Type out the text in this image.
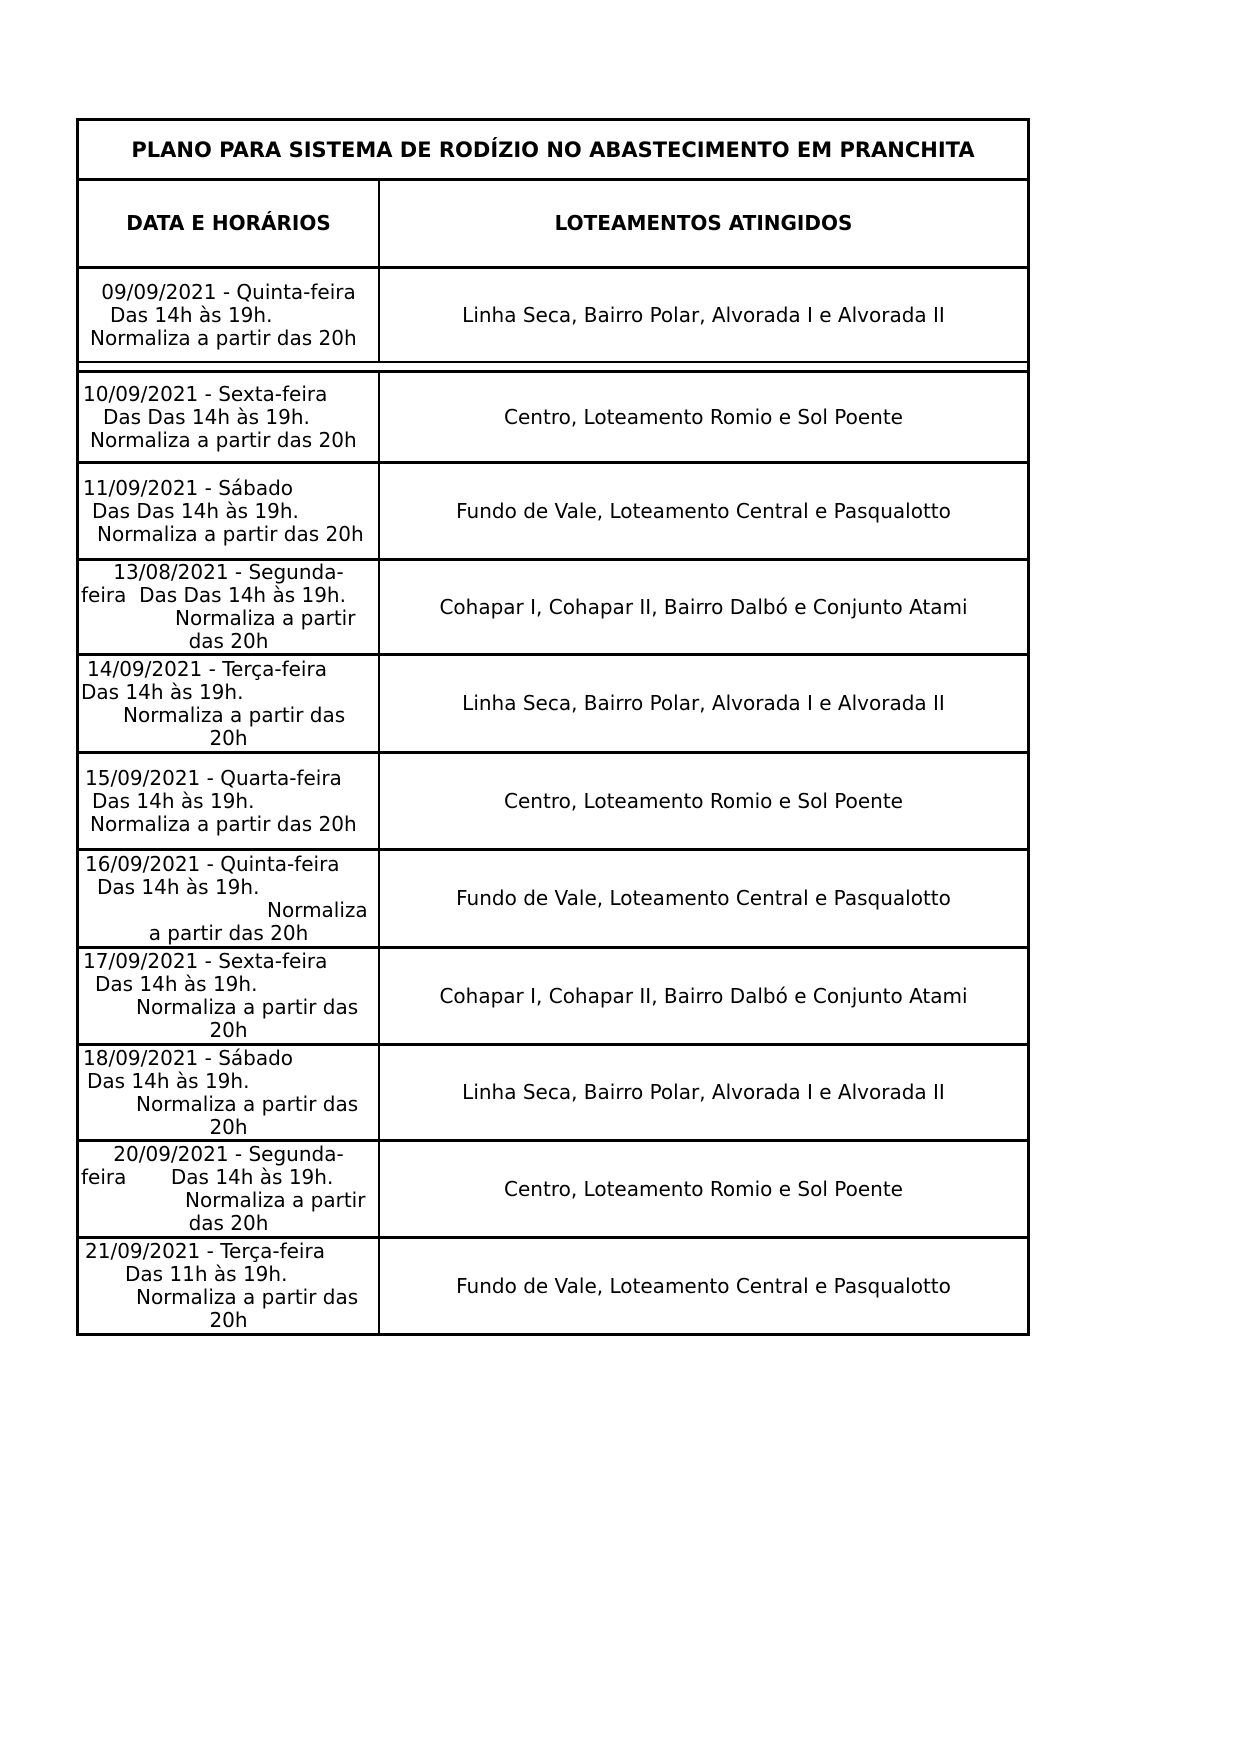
PLANO PARA SISTEMA DE RODÍZIO NO ABASTECIMENTO EM PRANCHITA
DATA E HORÁRIOS	LOTEAMENTOS ATINGIDOS
09/09/2021 - Quinta-feira
Das 14h às 19h.
Normaliza a partir das 20h
Linha Seca, Bairro Polar, Alvorada I e Alvorada II
10/09/2021 - Sexta-feira
Das Das 14h às 19h.
Normaliza a partir das 20h
Centro, Loteamento Romio e Sol Poente
11/09/2021 - Sábado
Das Das 14h às 19h.
Normaliza a partir das 20h
Fundo de Vale, Loteamento Central e Pasqualotto
13/08/2021 - Segunda-
feira  Das Das 14h às 19h.
Normaliza a partir
das 20h
Cohapar I, Cohapar II, Bairro Dalbó e Conjunto Atami
14/09/2021 - Terça-feira
Das 14h às 19h.
Normaliza a partir das
20h
Linha Seca, Bairro Polar, Alvorada I e Alvorada II
15/09/2021 - Quarta-feira
Das 14h às 19h.
Normaliza a partir das 20h
Centro, Loteamento Romio e Sol Poente
16/09/2021 - Quinta-feira
Das 14h às 19h.
Normaliza
a partir das 20h
Fundo de Vale, Loteamento Central e Pasqualotto
17/09/2021 - Sexta-feira
Das 14h às 19h.
Normaliza a partir das
20h
Cohapar I, Cohapar II, Bairro Dalbó e Conjunto Atami
18/09/2021 - Sábado
Das 14h às 19h.
Normaliza a partir das
20h
Linha Seca, Bairro Polar, Alvorada I e Alvorada II
20/09/2021 - Segunda-
feira       Das 14h às 19h.
Normaliza a partir
das 20h
Centro, Loteamento Romio e Sol Poente
21/09/2021 - Terça-feira
Das 11h às 19h.
Normaliza a partir das
20h
Fundo de Vale, Loteamento Central e Pasqualotto
